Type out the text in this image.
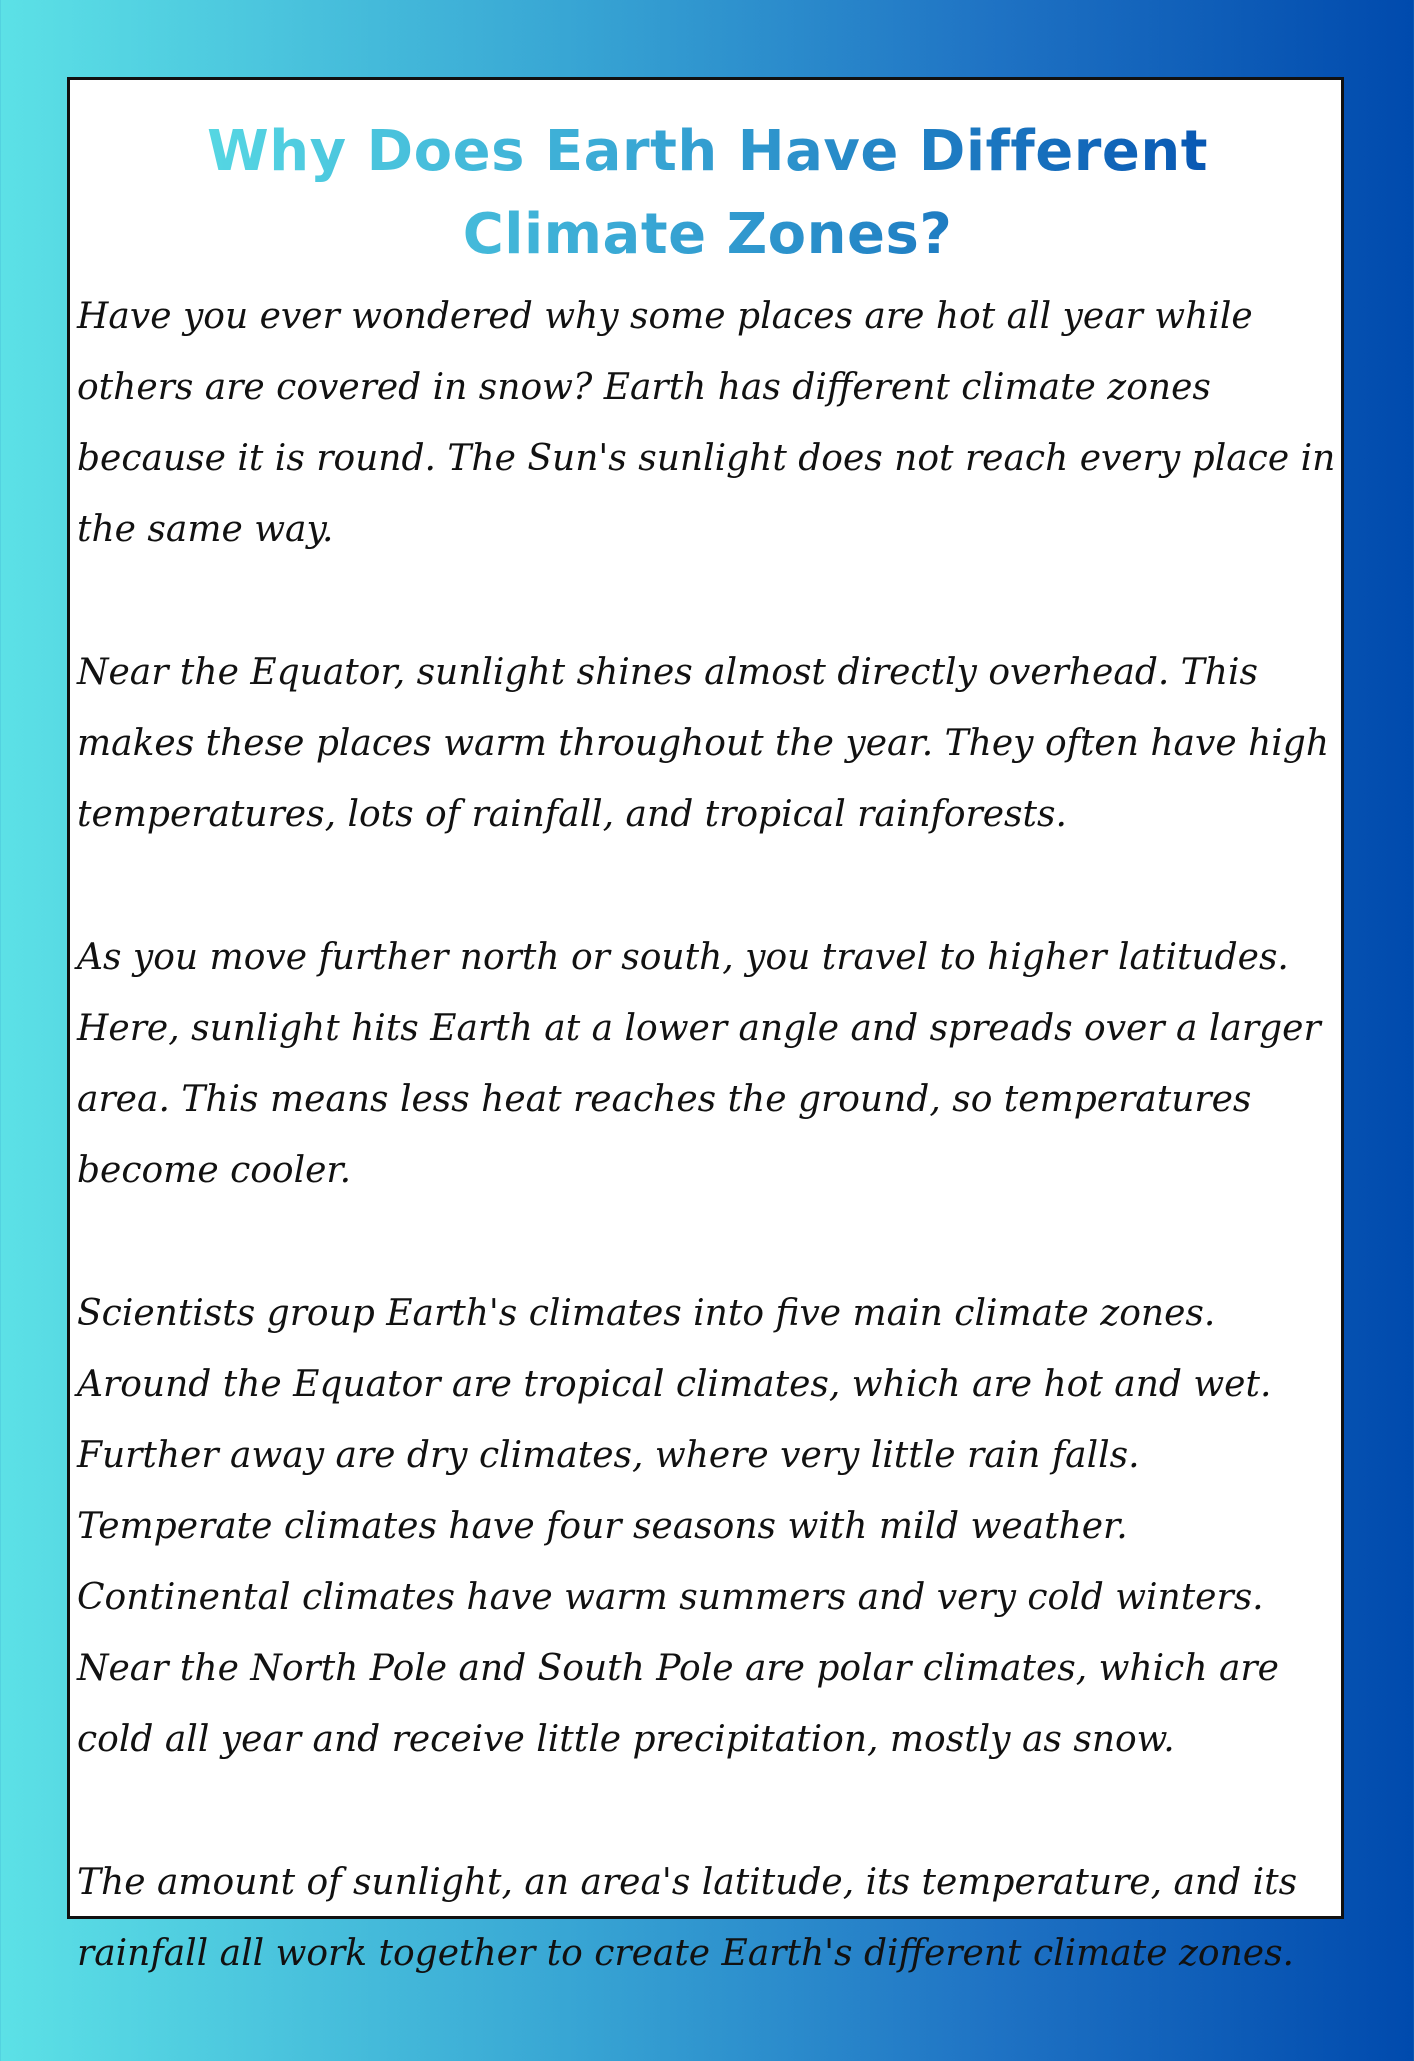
Why Does Earth Have Different Climate Zones?

Have you ever wondered why some places are hot all year while others are covered in snow? Earth has different climate zones because it is round. The Sun's sunlight does not reach every place in the same way.

Near the Equator, sunlight shines almost directly overhead. This makes these places warm throughout the year. They often have high temperatures, lots of rainfall, and tropical rainforests.

As you move further north or south, you travel to higher latitudes. Here, sunlight hits Earth at a lower angle and spreads over a larger area. This means less heat reaches the ground, so temperatures become cooler.

Scientists group Earth's climates into five main climate zones. Around the Equator are tropical climates, which are hot and wet. Further away are dry climates, where very little rain falls. Temperate climates have four seasons with mild weather. Continental climates have warm summers and very cold winters. Near the North Pole and South Pole are polar climates, which are cold all year and receive little precipitation, mostly as snow.

The amount of sunlight, an area's latitude, its temperature, and its rainfall all work together to create Earth's different climate zones.
